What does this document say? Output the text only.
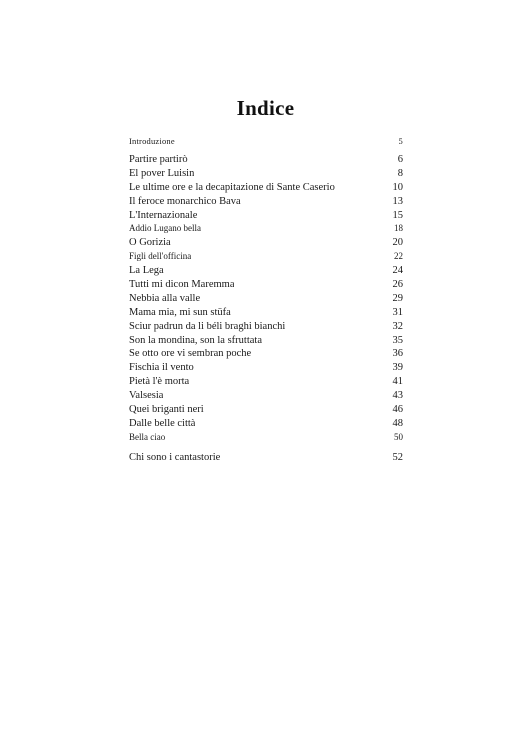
Indice
Introduzione	5
Partire partirò	6
El pover Luisin	8
Le ultime ore e la decapitazione di Sante Caserio	10
Il feroce monarchico Bava	13
L'Internazionale	15
Addio Lugano bella	18
O Gorizia	20
Figli dell'officina	22
La Lega	24
Tutti mi dicon Maremma	26
Nebbia alla valle	29
Mama mia, mi sun stüfa	31
Sciur padrun da li béli braghi bianchi	32
Son la mondina, son la sfruttata	35
Se otto ore vi sembran poche	36
Fischia il vento	39
Pietà l'è morta	41
Valsesia	43
Quei briganti neri	46
Dalle belle città	48
Bella ciao	50
Chi sono i cantastorie	52
